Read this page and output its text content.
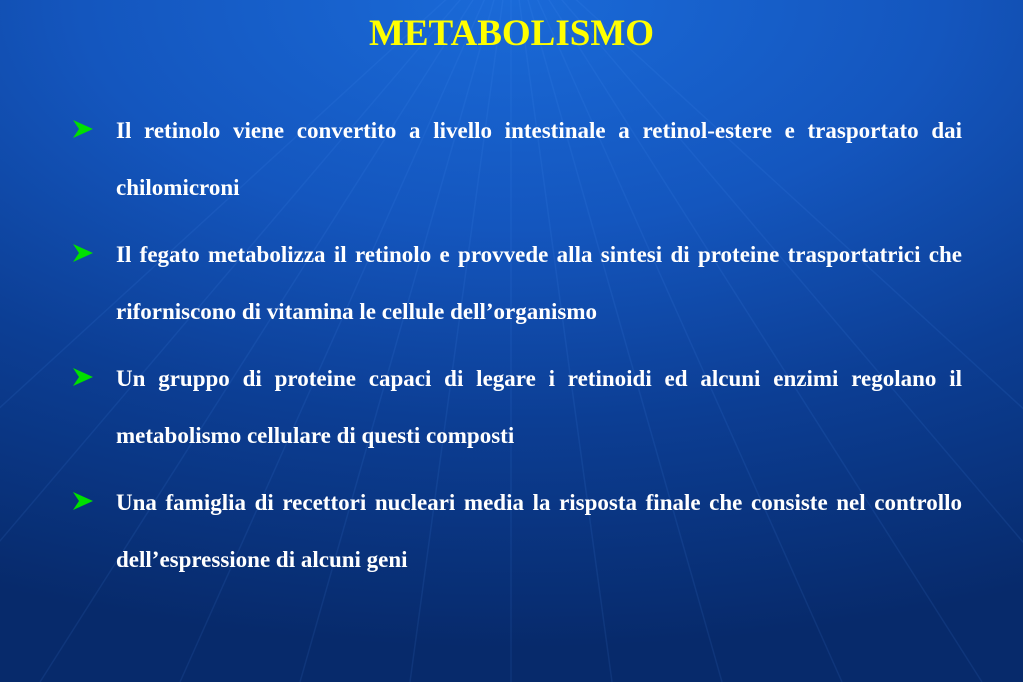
METABOLISMO
Il retinolo viene convertito a livello intestinale a retinol-estere e trasportato dai chilomicroni
Il fegato metabolizza il retinolo e provvede alla sintesi di proteine trasportatrici che riforniscono di vitamina le cellule dell’organismo
Un gruppo di proteine capaci di legare i retinoidi ed alcuni enzimi regolano il metabolismo cellulare di questi composti
Una famiglia di recettori nucleari media la risposta finale che consiste nel controllo dell’espressione di alcuni geni
